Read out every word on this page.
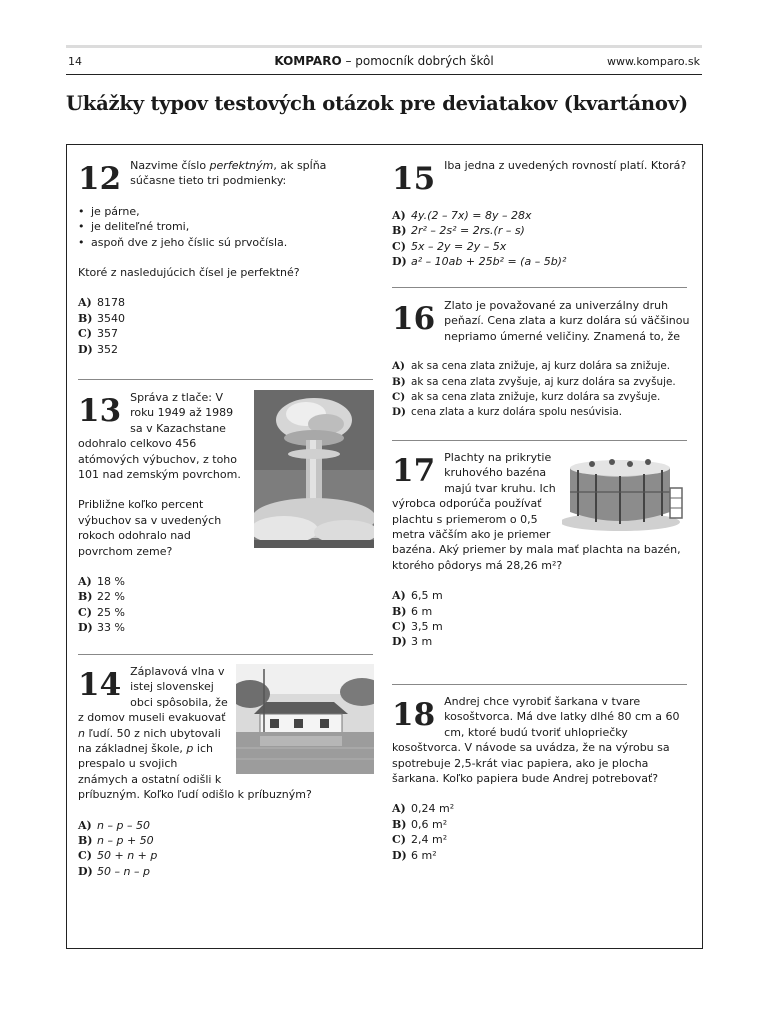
14	KOMPARO – pomocník dobrých škôl	www.komparo.sk
Ukážky typov testových otázok pre deviatakov (kvartánov)
12 Nazvime číslo perfektným, ak spĺňa súčasne tieto tri podmienky:

• je párne,
• je deliteľné tromi,
• aspoň dve z jeho číslic sú prvočísla.

Ktoré z nasledujúcich čísel je perfektné?

A) 8178
B) 3540
C) 357
D) 352
13 Správa z tlače: V roku 1949 až 1989 sa v Kazachstane odohralo celkovo 456 atómových výbuchov, z toho 101 nad zemským povrchom.

Približne koľko percent výbuchov sa v uvedených rokoch odohralo nad povrchom zeme?

A) 18 %
B) 22 %
C) 25 %
D) 33 %
14 Záplavová vlna v istej slovenskej obci spôsobila, že z domov museli evakuovať n ľudí. 50 z nich ubytovali na základnej škole, p ich prespalo u svojich známych a ostatní odišli k príbuzným. Koľko ľudí odišlo k príbuzným?

A) n – p – 50
B) n – p + 50
C) 50 + n + p
D) 50 – n – p
15 Iba jedna z uvedených rovností platí. Ktorá?

A) 4y.(2 – 7x) = 8y – 28x
B) 2r² – 2s² = 2rs.(r – s)
C) 5x – 2y = 2y – 5x
D) a² – 10ab + 25b² = (a – 5b)²
16 Zlato je považované za univerzálny druh peňazí. Cena zlata a kurz dolára sú väčšinou nepriamo úmerné veličiny. Znamená to, že

A) ak sa cena zlata znižuje, aj kurz dolára sa znižuje.
B) ak sa cena zlata zvyšuje, aj kurz dolára sa zvyšuje.
C) ak sa cena zlata znižuje, kurz dolára sa zvyšuje.
D) cena zlata a kurz dolára spolu nesúvisia.
17 Plachty na prikrytie kruhového bazéna majú tvar kruhu. Ich výrobca odporúča používať plachtu s priemerom o 0,5 metra väčším ako je priemer bazéna. Aký priemer by mala mať plachta na bazén, ktorého pôdorys má 28,26 m²?

A) 6,5 m
B) 6 m
C) 3,5 m
D) 3 m
18 Andrej chce vyrobiť šarkana v tvare kosoštvorca. Má dve latky dlhé 80 cm a 60 cm, ktoré budú tvoriť uhlopriečky kosoštvorca. V návode sa uvádza, že na výrobu sa spotrebuje 2,5-krát viac papiera, ako je plocha šarkana. Koľko papiera bude Andrej potrebovať?

A) 0,24 m²
B) 0,6 m²
C) 2,4 m²
D) 6 m²
